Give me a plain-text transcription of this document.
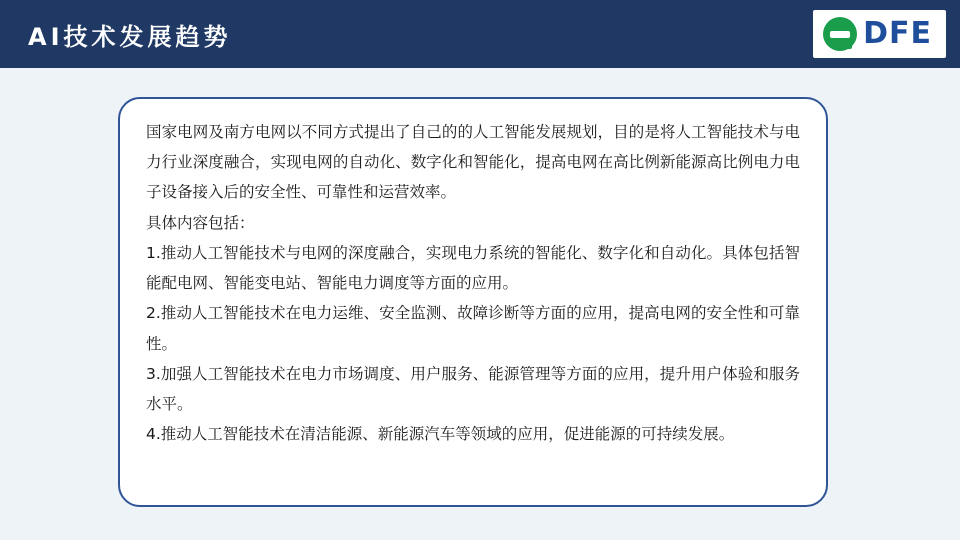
AI技术发展趋势	DFE

国家电网及南方电网以不同方式提出了自己的的人工智能发展规划，目的是将人工智能技术与电力行业深度融合，实现电网的自动化、数字化和智能化，提高电网在高比例新能源高比例电力电子设备接入后的安全性、可靠性和运营效率。

具体内容包括：

1.推动人工智能技术与电网的深度融合，实现电力系统的智能化、数字化和自动化。具体包括智能配电网、智能变电站、智能电力调度等方面的应用。

2.推动人工智能技术在电力运维、安全监测、故障诊断等方面的应用，提高电网的安全性和可靠性。

3.加强人工智能技术在电力市场调度、用户服务、能源管理等方面的应用，提升用户体验和服务水平。

4.推动人工智能技术在清洁能源、新能源汽车等领域的应用，促进能源的可持续发展。
